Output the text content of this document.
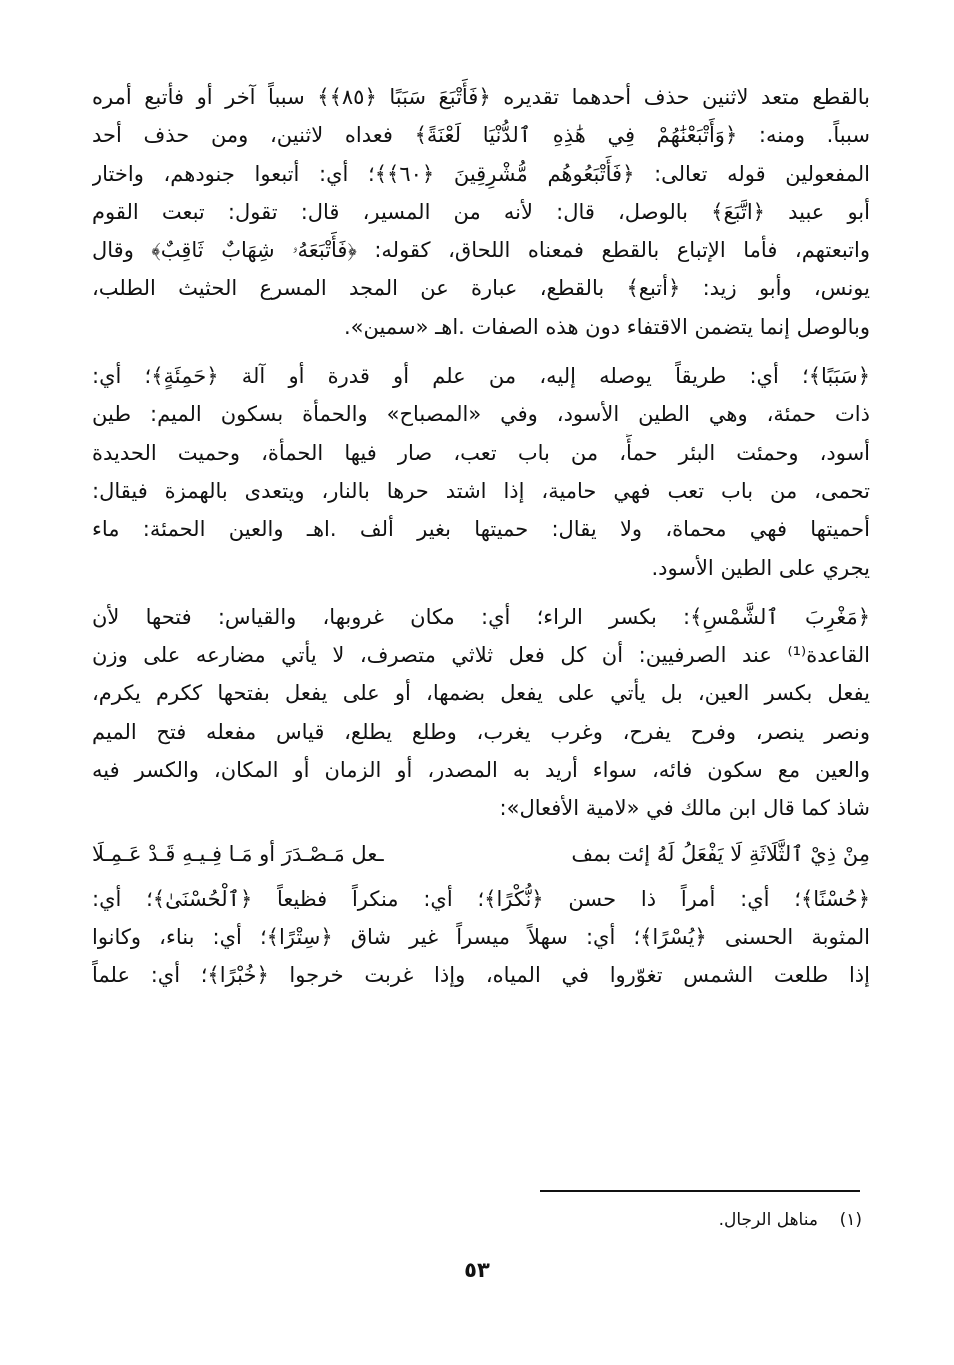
بالقطع متعد لاثنين حذف أحدهما تقديره ﴿فَأَتْبَعَ سَبَبًا ﴿٨٥﴾﴾ سبباً آخر أو فأتبع أمره
سبباً. ومنه: ﴿وَأَتْبَعْنَٰهُمْ فِي هَٰذِهِ ٱلدُّنْيَا لَعْنَةً﴾ فعداه لاثنين، ومن حذف أحد
المفعولين قوله تعالى: ﴿فَأَتْبَعُوهُم مُّشْرِقِينَ ﴿٦٠﴾﴾؛ أي: أتبعوا جنودهم، واختار
أبو عبيد ﴿اتَّبَعَ﴾ بالوصل، قال: لأنه من المسير، قال: تقول: تبعت القوم
واتبعتهم، فأما الإتباع بالقطع فمعناه اللحاق، كقوله: ﴿فَأَتْبَعَهُۥ شِهَابٌ ثَاقِبٌ﴾ وقال
يونس، وأبو زيد: ﴿أتبع﴾ بالقطع، عبارة عن المجد المسرع الحثيث الطلب،
وبالوصل إنما يتضمن الاقتفاء دون هذه الصفات .اهـ «سمين».

﴿سَبَبًا﴾؛ أي: طريقاً يوصله إليه، من علم أو قدرة أو آلة ﴿حَمِئَةٍ﴾؛ أي:
ذات حمئة، وهي الطين الأسود، وفي «المصباح» والحمأة بسكون الميم: طين
أسود، وحمئت البئر حمأً، من باب تعب، صار فيها الحمأة، وحميت الحديدة
تحمى، من باب تعب فهي حامية، إذا اشتد حرها بالنار، ويتعدى بالهمزة فيقال:
أحميتها فهي محماة، ولا يقال: حميتها بغير ألف .اهـ والعين الحمئة: ماء
يجري على الطين الأسود.

﴿مَغْرِبَ ٱلشَّمْسِ﴾: بكسر الراء؛ أي: مكان غروبها، والقياس: فتحها لأن
القاعدة⁽¹⁾ عند الصرفيين: أن كل فعل ثلاثي متصرف، لا يأتي مضارعه على وزن
يفعل بكسر العين، بل يأتي على يفعل بضمها، أو على يفعل بفتحها ككرم يكرم،
ونصر ينصر، وفرح يفرح، وغرب يغرب، وطلع يطلع، قياس مفعله فتح الميم
والعين مع سكون فائه، سواء أريد به المصدر، أو الزمان أو المكان، والكسر فيه
شاذ كما قال ابن مالك في «لامية الأفعال»:

مِنْ ذِيْ ٱلثَّلَاثَةِ لَا يَفْعَلُ لَهُ إئت بمف
ـعل مَـصْـدَرَ أو مَـا فِـيـهِ قَـدْ عَـمِـلَا

﴿حُسْنًا﴾؛ أي: أمراً ذا حسن ﴿نُّكْرًا﴾؛ أي: منكراً فظيعاً ﴿ٱلْحُسْنَىٰ﴾؛ أي:
المثوبة الحسنى ﴿يُسْرًا﴾؛ أي: سهلاً ميسراً غير شاق ﴿سِتْرًا﴾؛ أي: بناء، وكانوا
إذا طلعت الشمس تغوّروا في المياه، وإذا غربت خرجوا ﴿خُبْرًا﴾؛ أي: علماً

(١)    مناهل الرجال.
٥٣
